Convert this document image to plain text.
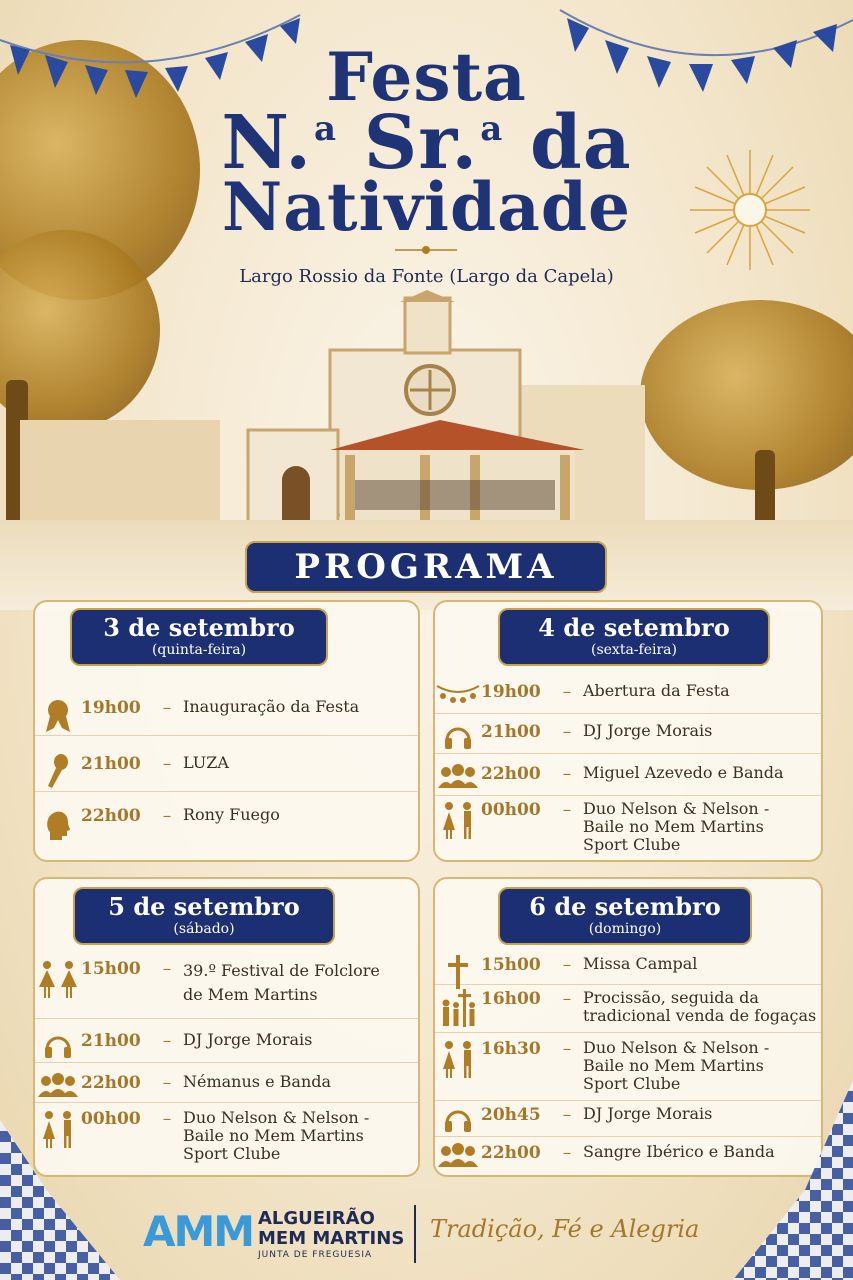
Festa
N.$^a$ Sr.$^a$ da
Natividade
Largo Rossio da Fonte (Largo da Capela)
PROGRAMA
3 de setembro
(quinta-feira)
19h00	– Inauguração da Festa
21h00	– LUZA
22h00	– Rony Fuego
4 de setembro
(sexta-feira)
19h00	– Abertura da Festa
21h00	– DJ Jorge Morais
22h00	– Miguel Azevedo e Banda
00h00	– Duo Nelson & Nelson -
Baile no Mem Martins
Sport Clube
5 de setembro
(sábado)
15h00	– 39.º Festival de Folclore
de Mem Martins
21h00	– DJ Jorge Morais
22h00	– Némanus e Banda
00h00	– Duo Nelson & Nelson -
Baile no Mem Martins
Sport Clube
6 de setembro
(domingo)
15h00	– Missa Campal
16h00	– Procissão, seguida da
tradicional venda de fogaças
16h30	– Duo Nelson & Nelson -
Baile no Mem Martins
Sport Clube
20h45	– DJ Jorge Morais
22h00	– Sangre Ibérico e Banda
AMM ALGUEIRÃO
MEM MARTINS
JUNTA DE FREGUESIA
Tradição, Fé e Alegria
